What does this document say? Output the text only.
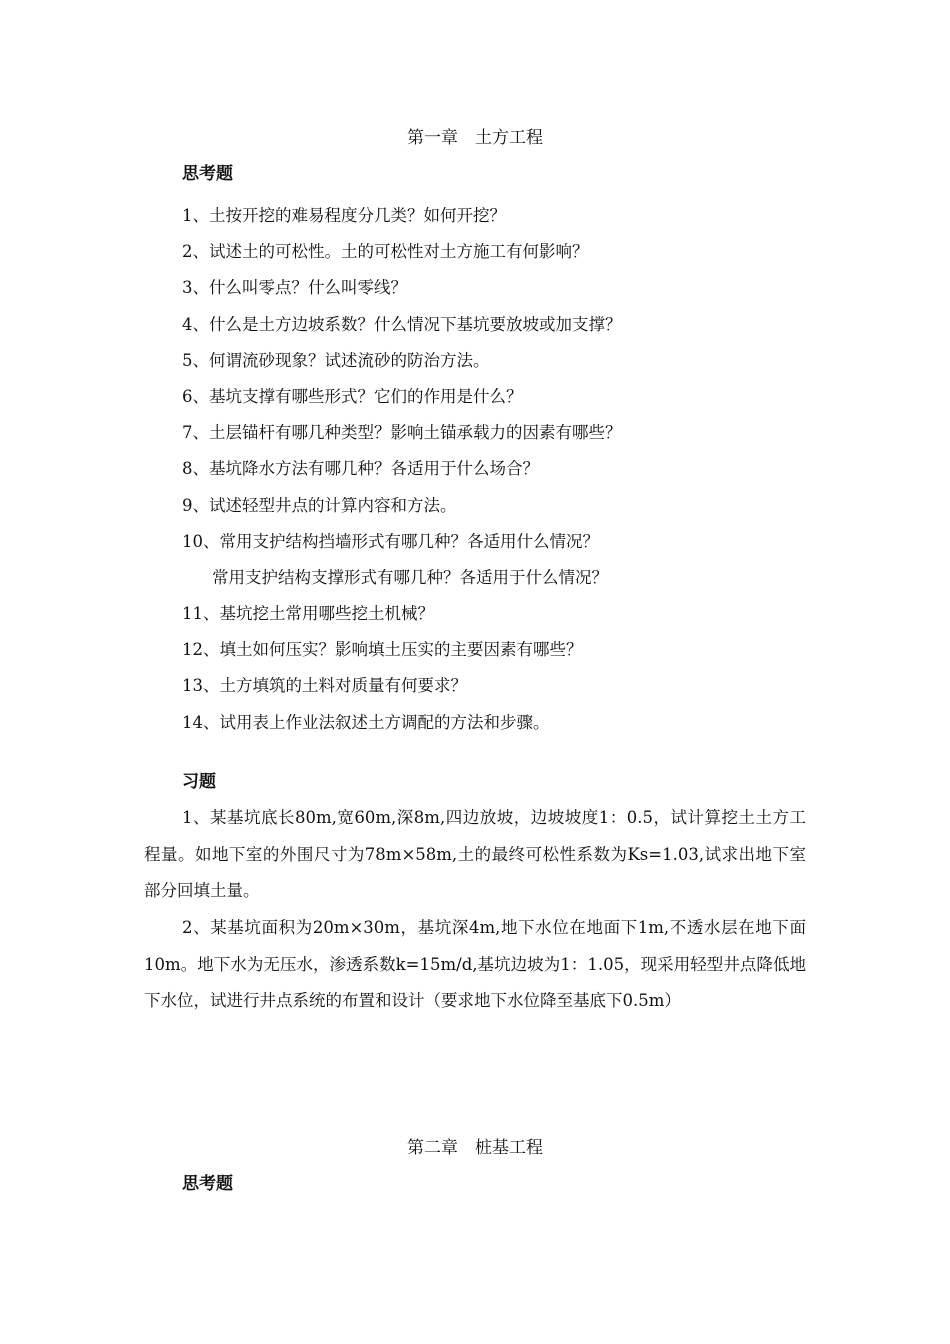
第一章　土方工程
思考题
1、土按开挖的难易程度分几类？如何开挖？
2、试述土的可松性。土的可松性对土方施工有何影响？
3、什么叫零点？什么叫零线？
4、什么是土方边坡系数？什么情况下基坑要放坡或加支撑？
5、何谓流砂现象？试述流砂的防治方法。
6、基坑支撑有哪些形式？它们的作用是什么？
7、土层锚杆有哪几种类型？影响土锚承载力的因素有哪些？
8、基坑降水方法有哪几种？各适用于什么场合？
9、试述轻型井点的计算内容和方法。
10、常用支护结构挡墙形式有哪几种？各适用什么情况？
常用支护结构支撑形式有哪几种？各适用于什么情况？
11、基坑挖土常用哪些挖土机械？
12、填土如何压实？影响填土压实的主要因素有哪些？
13、土方填筑的土料对质量有何要求？
14、试用表上作业法叙述土方调配的方法和步骤。
习题

1、某基坑底长80m,宽60m,深8m,四边放坡，边坡坡度1：0.5，试计算挖土土方工程量。如地下室的外围尺寸为78m×58m,土的最终可松性系数为Ks=1.03,试求出地下室部分回填土量。

2、某基坑面积为20m×30m，基坑深4m,地下水位在地面下1m,不透水层在地下面10m。地下水为无压水，渗透系数k=15m/d,基坑边坡为1：1.05，现采用轻型井点降低地下水位，试进行井点系统的布置和设计（要求地下水位降至基底下0.5m）

第二章　桩基工程
思考题
